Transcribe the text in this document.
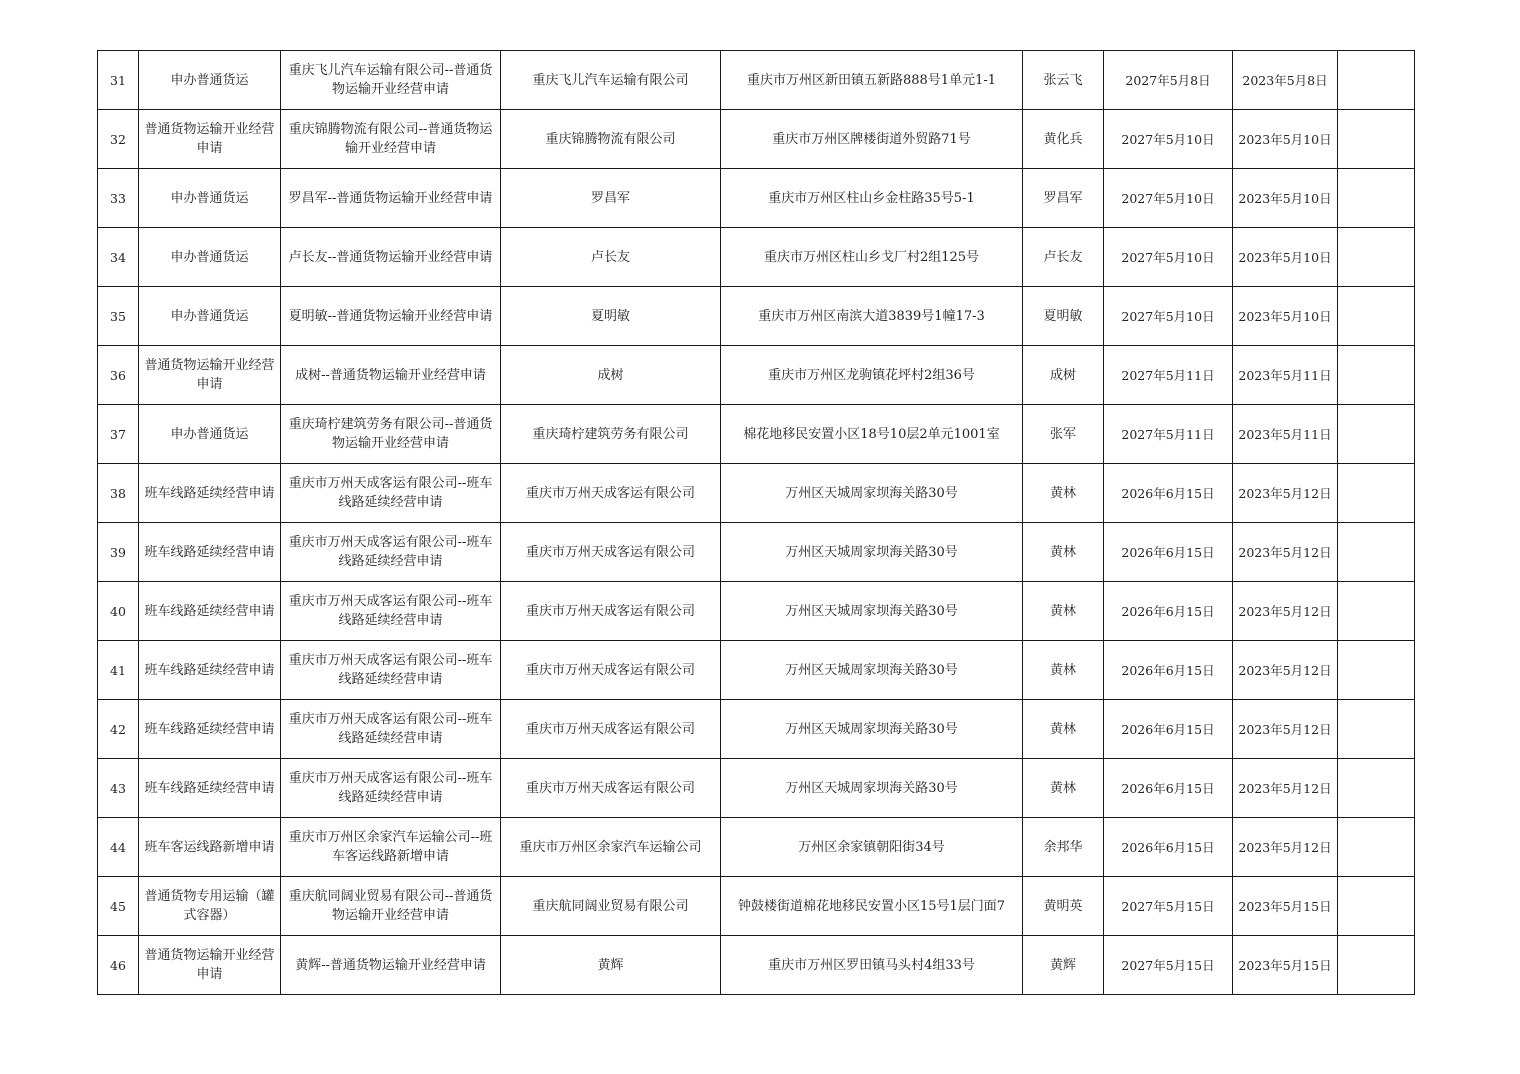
31	申办普通货运	重庆飞儿汽车运输有限公司--普通货物运输开业经营申请	重庆飞儿汽车运输有限公司	重庆市万州区新田镇五新路888号1单元1-1	张云飞	2027年5月8日	2023年5月8日	
32	普通货物运输开业经营申请	重庆锦腾物流有限公司--普通货物运输开业经营申请	重庆锦腾物流有限公司	重庆市万州区牌楼街道外贸路71号	黄化兵	2027年5月10日	2023年5月10日	
33	申办普通货运	罗昌军--普通货物运输开业经营申请	罗昌军	重庆市万州区柱山乡金柱路35号5-1	罗昌军	2027年5月10日	2023年5月10日	
34	申办普通货运	卢长友--普通货物运输开业经营申请	卢长友	重庆市万州区柱山乡戈厂村2组125号	卢长友	2027年5月10日	2023年5月10日	
35	申办普通货运	夏明敏--普通货物运输开业经营申请	夏明敏	重庆市万州区南滨大道3839号1幢17-3	夏明敏	2027年5月10日	2023年5月10日	
36	普通货物运输开业经营申请	成树--普通货物运输开业经营申请	成树	重庆市万州区龙驹镇花坪村2组36号	成树	2027年5月11日	2023年5月11日	
37	申办普通货运	重庆琦柠建筑劳务有限公司--普通货物运输开业经营申请	重庆琦柠建筑劳务有限公司	棉花地移民安置小区18号10层2单元1001室	张军	2027年5月11日	2023年5月11日	
38	班车线路延续经营申请	重庆市万州天成客运有限公司--班车线路延续经营申请	重庆市万州天成客运有限公司	万州区天城周家坝海关路30号	黄林	2026年6月15日	2023年5月12日	
39	班车线路延续经营申请	重庆市万州天成客运有限公司--班车线路延续经营申请	重庆市万州天成客运有限公司	万州区天城周家坝海关路30号	黄林	2026年6月15日	2023年5月12日	
40	班车线路延续经营申请	重庆市万州天成客运有限公司--班车线路延续经营申请	重庆市万州天成客运有限公司	万州区天城周家坝海关路30号	黄林	2026年6月15日	2023年5月12日	
41	班车线路延续经营申请	重庆市万州天成客运有限公司--班车线路延续经营申请	重庆市万州天成客运有限公司	万州区天城周家坝海关路30号	黄林	2026年6月15日	2023年5月12日	
42	班车线路延续经营申请	重庆市万州天成客运有限公司--班车线路延续经营申请	重庆市万州天成客运有限公司	万州区天城周家坝海关路30号	黄林	2026年6月15日	2023年5月12日	
43	班车线路延续经营申请	重庆市万州天成客运有限公司--班车线路延续经营申请	重庆市万州天成客运有限公司	万州区天城周家坝海关路30号	黄林	2026年6月15日	2023年5月12日	
44	班车客运线路新增申请	重庆市万州区余家汽车运输公司--班车客运线路新增申请	重庆市万州区余家汽车运输公司	万州区余家镇朝阳街34号	余邦华	2026年6月15日	2023年5月12日	
45	普通货物专用运输（罐式容器）	重庆航同阔业贸易有限公司--普通货物运输开业经营申请	重庆航同阔业贸易有限公司	钟鼓楼街道棉花地移民安置小区15号1层门面7	黄明英	2027年5月15日	2023年5月15日	
46	普通货物运输开业经营申请	黄辉--普通货物运输开业经营申请	黄辉	重庆市万州区罗田镇马头村4组33号	黄辉	2027年5月15日	2023年5月15日	
